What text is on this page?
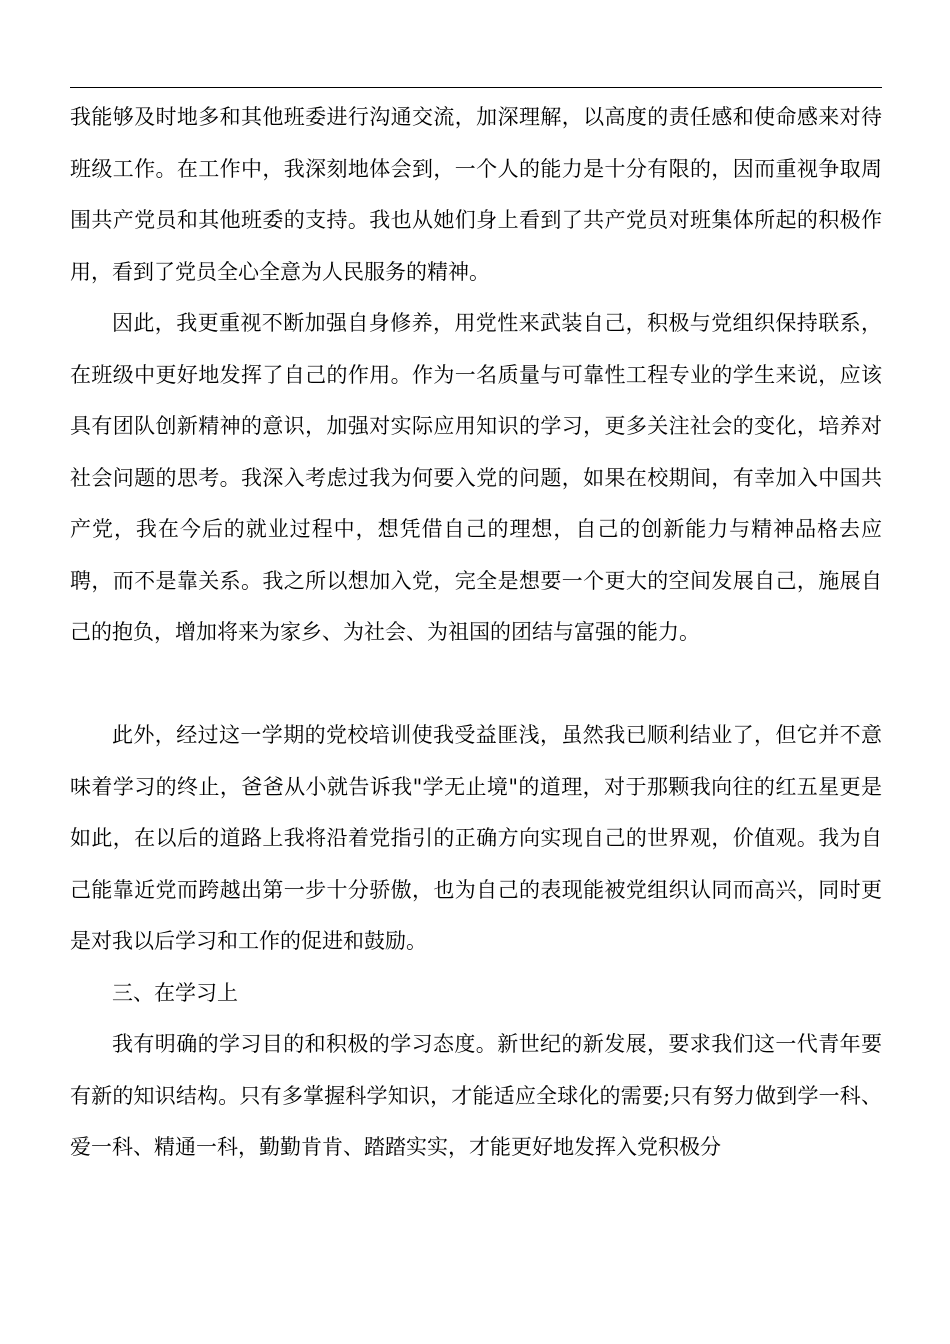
我能够及时地多和其他班委进行沟通交流，加深理解，以高度的责任感和使命感来对待班级工作。在工作中，我深刻地体会到，一个人的能力是十分有限的，因而重视争取周围共产党员和其他班委的支持。我也从她们身上看到了共产党员对班集体所起的积极作用，看到了党员全心全意为人民服务的精神。

因此，我更重视不断加强自身修养，用党性来武装自己，积极与党组织保持联系，在班级中更好地发挥了自己的作用。作为一名质量与可靠性工程专业的学生来说，应该具有团队创新精神的意识，加强对实际应用知识的学习，更多关注社会的变化，培养对社会问题的思考。我深入考虑过我为何要入党的问题，如果在校期间，有幸加入中国共产党，我在今后的就业过程中，想凭借自己的理想，自己的创新能力与精神品格去应聘，而不是靠关系。我之所以想加入党，完全是想要一个更大的空间发展自己，施展自己的抱负，增加将来为家乡、为社会、为祖国的团结与富强的能力。

此外，经过这一学期的党校培训使我受益匪浅，虽然我已顺利结业了，但它并不意味着学习的终止，爸爸从小就告诉我"学无止境"的道理，对于那颗我向往的红五星更是如此，在以后的道路上我将沿着党指引的正确方向实现自己的世界观，价值观。我为自己能靠近党而跨越出第一步十分骄傲，也为自己的表现能被党组织认同而高兴，同时更是对我以后学习和工作的促进和鼓励。

三、在学习上

我有明确的学习目的和积极的学习态度。新世纪的新发展，要求我们这一代青年要有新的知识结构。只有多掌握科学知识，才能适应全球化的需要;只有努力做到学一科、爱一科、精通一科，勤勤肯肯、踏踏实实，才能更好地发挥入党积极分
